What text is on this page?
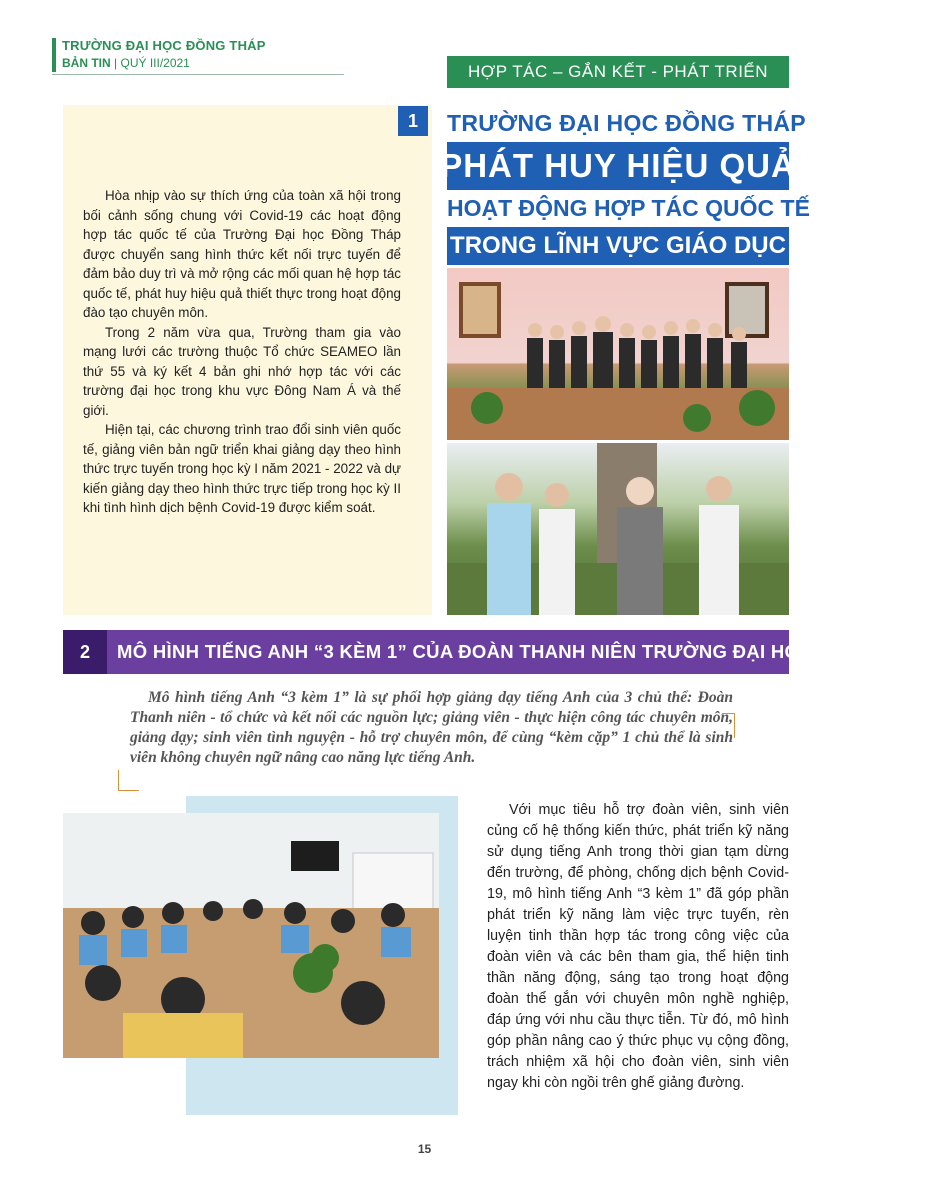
TRƯỜNG ĐẠI HỌC ĐỒNG THÁP
BẢN TIN | QUÝ III/2021	HỢP TÁC – GẮN KẾT - PHÁT TRIỂN
1	TRƯỜNG ĐẠI HỌC ĐỒNG THÁP
PHÁT HUY HIỆU QUẢ
HOẠT ĐỘNG HỢP TÁC QUỐC TẾ
TRONG LĨNH VỰC GIÁO DỤC

Hòa nhịp vào sự thích ứng của toàn xã hội trong bối cảnh sống chung với Covid-19 các hoạt động hợp tác quốc tế của Trường Đại học Đồng Tháp được chuyển sang hình thức kết nối trực tuyến để đảm bảo duy trì và mở rộng các mối quan hệ hợp tác quốc tế, phát huy hiệu quả thiết thực trong hoạt động đào tạo chuyên môn.

Trong 2 năm vừa qua, Trường tham gia vào mạng lưới các trường thuộc Tổ chức SEAMEO lần thứ 55 và ký kết 4 bản ghi nhớ hợp tác với các trường đại học trong khu vực Đông Nam Á và thế giới.

Hiện tại, các chương trình trao đổi sinh viên quốc tế, giảng viên bản ngữ triển khai giảng dạy theo hình thức trực tuyến trong học kỳ I năm 2021 - 2022 và dự kiến giảng dạy theo hình thức trực tiếp trong học kỳ II khi tình hình dịch bệnh Covid-19 được kiểm soát.

2	MÔ HÌNH TIẾNG ANH “3 KÈM 1” CỦA ĐOÀN THANH NIÊN TRƯỜNG ĐẠI HỌC ĐỒNG THÁP
Mô hình tiếng Anh “3 kèm 1” là sự phối hợp giảng dạy tiếng Anh của 3 chủ thể: Đoàn Thanh niên - tổ chức và kết nối các nguồn lực; giảng viên - thực hiện công tác chuyên môn, giảng dạy; sinh viên tình nguyện - hỗ trợ chuyên môn, để cùng “kèm cặp” 1 chủ thể là sinh viên không chuyên ngữ nâng cao năng lực tiếng Anh.

Với mục tiêu hỗ trợ đoàn viên, sinh viên củng cố hệ thống kiến thức, phát triển kỹ năng sử dụng tiếng Anh trong thời gian tạm dừng đến trường, để phòng, chống dịch bệnh Covid-19, mô hình tiếng Anh “3 kèm 1” đã góp phần phát triển kỹ năng làm việc trực tuyến, rèn luyện tinh thần hợp tác trong công việc của đoàn viên và các bên tham gia, thể hiện tinh thần năng động, sáng tạo trong hoạt động đoàn thể gắn với chuyên môn nghề nghiệp, đáp ứng với nhu cầu thực tiễn. Từ đó, mô hình góp phần nâng cao ý thức phục vụ cộng đồng, trách nhiệm xã hội cho đoàn viên, sinh viên ngay khi còn ngồi trên ghế giảng đường.

15
